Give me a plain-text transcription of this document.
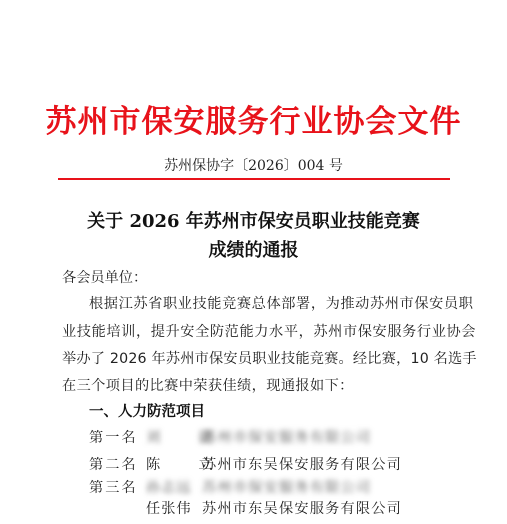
苏州市保安服务行业协会文件
苏州保协字〔2026〕004 号
关于 2026 年苏州市保安员职业技能竞赛
成绩的通报
各会员单位：
根据江苏省职业技能竞赛总体部署，为推动苏州市保安员职
业技能培训，提升安全防范能力水平，苏州市保安服务行业协会
举办了 2026 年苏州市保安员职业技能竞赛。经比赛，10 名选手
在三个项目的比赛中荣获佳绩，现通报如下：
一、人力防范项目
第一名 刘　捷
苏州市保安服务有限公司
第二名 陈　立
苏州市东吴保安服务有限公司
第三名 孙志远 苏州市保安服务有限公司
任张伟 苏州市东吴保安服务有限公司
